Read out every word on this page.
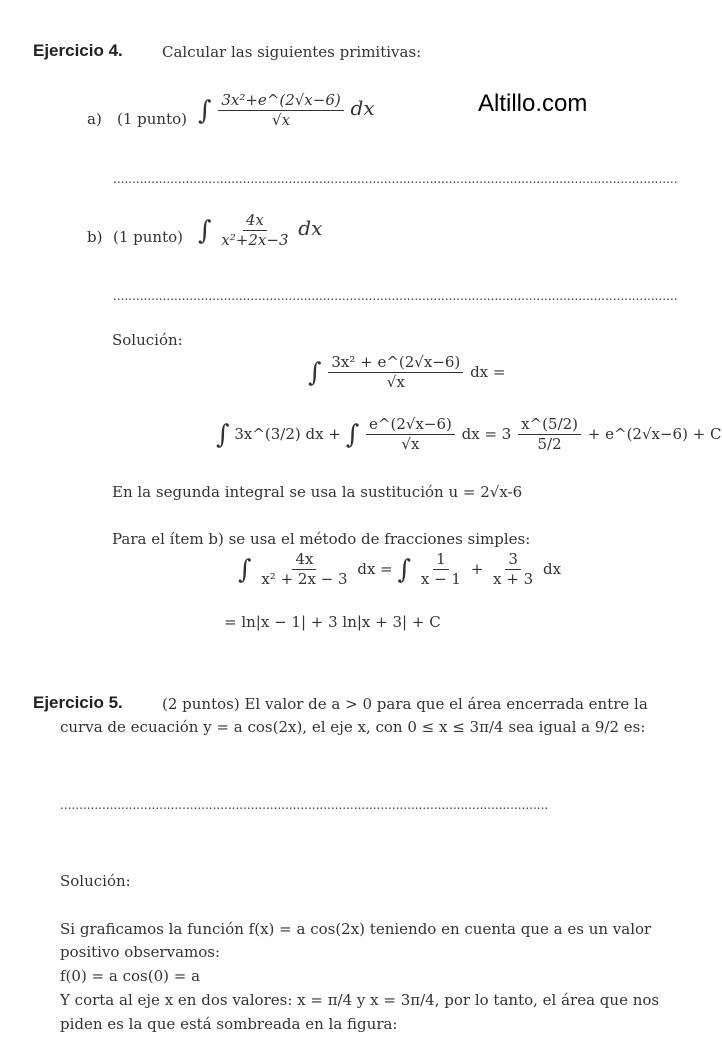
Ejercicio 4.	Calcular las siguientes primitivas:
Altillo.com
a) (1 punto) ∫ $\frac{\text{3x²+e\textasciicircum{}(2√x−6)}}{√x}$ dx
....................................................................................................................................................
b) (1 punto) ∫ $\frac{4x}{\text{x²+2x−3}}$ dx
....................................................................................................................................................
Solución:
∫ $\frac{\text{3x² + e\textasciicircum{}(2√x−6)}}{√x}$ dx =
∫ 3x^(3/2) dx + ∫ $\frac{e\^{}(2√x-6)}{√x}$ dx = $3 \frac{x\^{}(5/2)}{5/2}$ + e^(2√x−6) + C
En la segunda integral se usa la sustitución u = 2√x-6
Para el ítem b) se usa el método de fracciones simples:
∫ $\frac{4x}{\text{x² + 2x − 3}}$ dx = ∫ $\frac{1}{x - 1} + \frac{3}{x + 3}$ dx
= ln|x − 1| + 3 ln|x + 3| + C
Ejercicio 5.	(2 puntos) El valor de a > 0 para que el área encerrada entre la
curva de ecuación y = a cos(2x), el eje x, con 0 ≤ x ≤ 3π/4 sea igual a 9/2 es:
................................................................................................................................
Solución:
Si graficamos la función f(x) = a cos(2x) teniendo en cuenta que a es un valor
positivo observamos:
f(0) = a cos(0) = a
Y corta al eje x en dos valores: x = π/4 y x = 3π/4, por lo tanto, el área que nos
piden es la que está sombreada en la figura:
